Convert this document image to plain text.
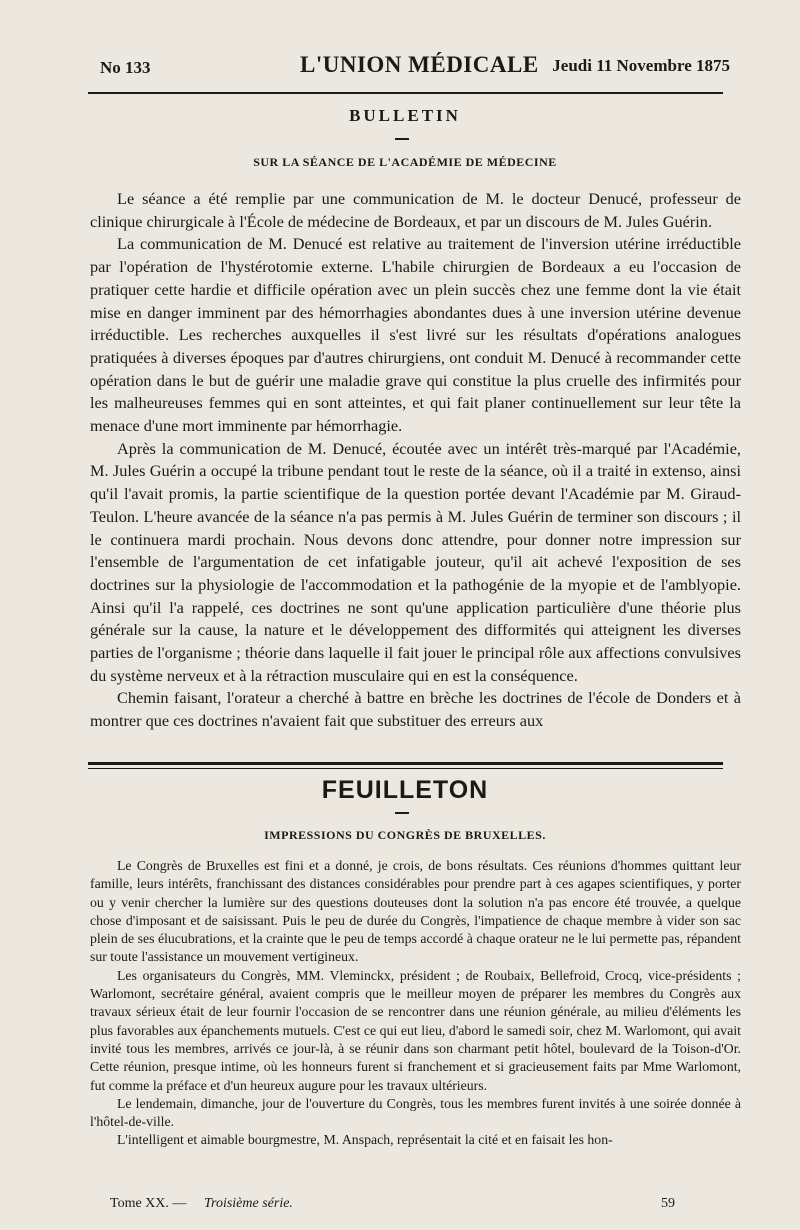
No 133	L'UNION MÉDICALE Jeudi 11 Novembre 1875
BULLETIN
SUR LA SÉANCE DE L'ACADÉMIE DE MÉDECINE

Le séance a été remplie par une communication de M. le docteur Denucé, professeur de clinique chirurgicale à l'École de médecine de Bordeaux, et par un discours de M. Jules Guérin.

La communication de M. Denucé est relative au traitement de l'inversion utérine irréductible par l'opération de l'hystérotomie externe. L'habile chirurgien de Bordeaux a eu l'occasion de pratiquer cette hardie et difficile opération avec un plein succès chez une femme dont la vie était mise en danger imminent par des hémorrhagies abondantes dues à une inversion utérine devenue irréductible. Les recherches auxquelles il s'est livré sur les résultats d'opérations analogues pratiquées à diverses époques par d'autres chirurgiens, ont conduit M. Denucé à recommander cette opération dans le but de guérir une maladie grave qui constitue la plus cruelle des infirmités pour les malheureuses femmes qui en sont atteintes, et qui fait planer continuellement sur leur tête la menace d'une mort imminente par hémorrhagie.

Après la communication de M. Denucé, écoutée avec un intérêt très-marqué par l'Académie, M. Jules Guérin a occupé la tribune pendant tout le reste de la séance, où il a traité in extenso, ainsi qu'il l'avait promis, la partie scientifique de la question portée devant l'Académie par M. Giraud-Teulon. L'heure avancée de la séance n'a pas permis à M. Jules Guérin de terminer son discours ; il le continuera mardi prochain. Nous devons donc attendre, pour donner notre impression sur l'ensemble de l'argumentation de cet infatigable jouteur, qu'il ait achevé l'exposition de ses doctrines sur la physiologie de l'accommodation et la pathogénie de la myopie et de l'amblyopie. Ainsi qu'il l'a rappelé, ces doctrines ne sont qu'une application particulière d'une théorie plus générale sur la cause, la nature et le développement des difformités qui atteignent les diverses parties de l'organisme ; théorie dans laquelle il fait jouer le principal rôle aux affections convulsives du système nerveux et à la rétraction musculaire qui en est la conséquence.

Chemin faisant, l'orateur a cherché à battre en brèche les doctrines de l'école de Donders et à montrer que ces doctrines n'avaient fait que substituer des erreurs aux

FEUILLETON
IMPRESSIONS DU CONGRÈS DE BRUXELLES.

Le Congrès de Bruxelles est fini et a donné, je crois, de bons résultats. Ces réunions d'hommes quittant leur famille, leurs intérêts, franchissant des distances considérables pour prendre part à ces agapes scientifiques, y porter ou y venir chercher la lumière sur des questions douteuses dont la solution n'a pas encore été trouvée, a quelque chose d'imposant et de saisissant. Puis le peu de durée du Congrès, l'impatience de chaque membre à vider son sac plein de ses élucubrations, et la crainte que le peu de temps accordé à chaque orateur ne le lui permette pas, répandent sur toute l'assistance un mouvement vertigineux.

Les organisateurs du Congrès, MM. Vleminckx, président ; de Roubaix, Bellefroid, Crocq, vice-présidents ; Warlomont, secrétaire général, avaient compris que le meilleur moyen de préparer les membres du Congrès aux travaux sérieux était de leur fournir l'occasion de se rencontrer dans une réunion générale, au milieu d'éléments les plus favorables aux épanchements mutuels. C'est ce qui eut lieu, d'abord le samedi soir, chez M. Warlomont, qui avait invité tous les membres, arrivés ce jour-là, à se réunir dans son charmant petit hôtel, boulevard de la Toison-d'Or. Cette réunion, presque intime, où les honneurs furent si franchement et si gracieusement faits par Mme Warlomont, fut comme la préface et d'un heureux augure pour les travaux ultérieurs.

Le lendemain, dimanche, jour de l'ouverture du Congrès, tous les membres furent invités à une soirée donnée à l'hôtel-de-ville.

L'intelligent et aimable bourgmestre, M. Anspach, représentait la cité et en faisait les hon-

Tome XX. — Troisième série.	59
